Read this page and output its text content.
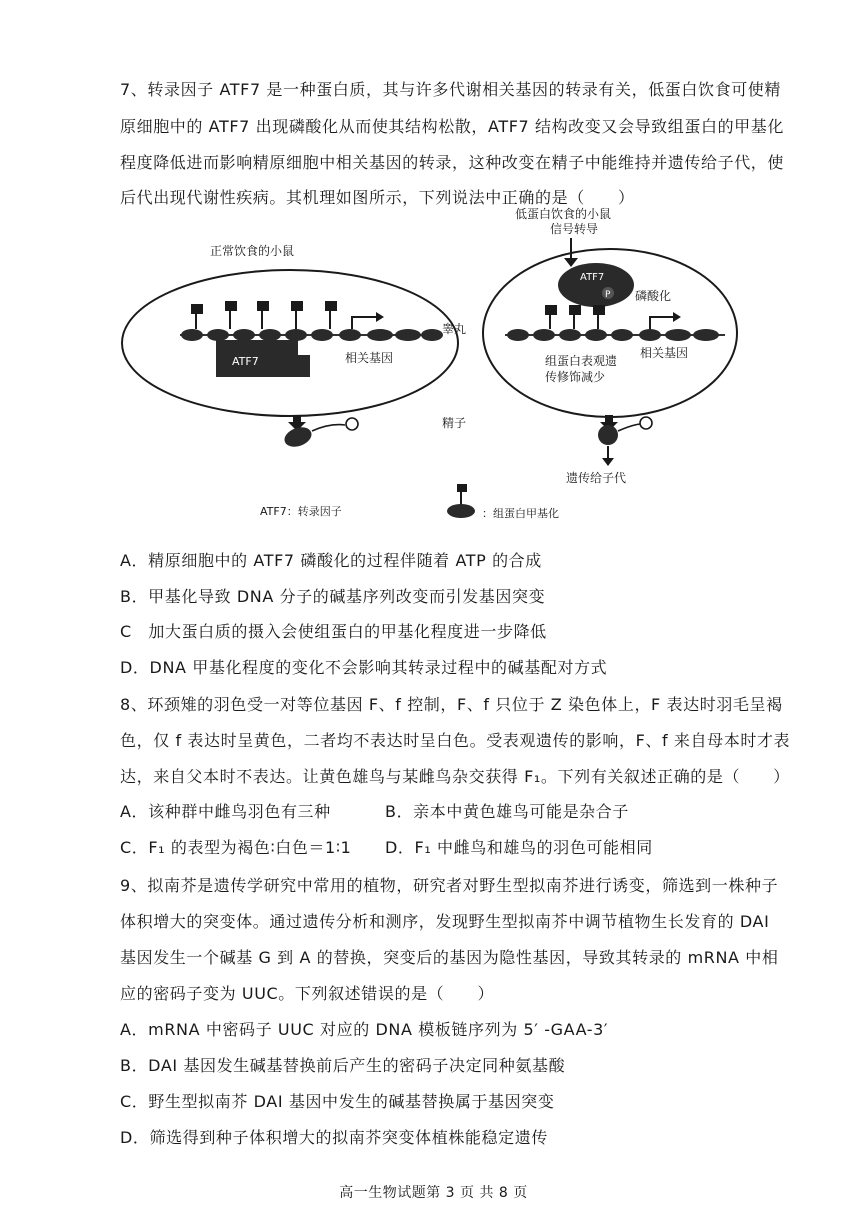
7、转录因子 ATF7 是一种蛋白质，其与许多代谢相关基因的转录有关，低蛋白饮食可使精
原细胞中的 ATF7 出现磷酸化从而使其结构松散，ATF7 结构改变又会导致组蛋白的甲基化
程度降低进而影响精原细胞中相关基因的转录，这种改变在精子中能维持并遗传给子代，使
后代出现代谢性疾病。其机理如图所示，下列说法中正确的是（　　）
正常饮食的小鼠
低蛋白饮食的小鼠
信号转导
ATF7	相关基因
睾丸
ATF7
P 磷酸化
相关基因
组蛋白表观遗
传修饰减少
精子
遗传给子代
ATF7：转录因子	：组蛋白甲基化
A．精原细胞中的 ATF7 磷酸化的过程伴随着 ATP 的合成
B．甲基化导致 DNA 分子的碱基序列改变而引发基因突变
C　加大蛋白质的摄入会使组蛋白的甲基化程度进一步降低
D．DNA 甲基化程度的变化不会影响其转录过程中的碱基配对方式
8、环颈雉的羽色受一对等位基因 F、f 控制，F、f 只位于 Z 染色体上，F 表达时羽毛呈褐
色，仅 f 表达时呈黄色，二者均不表达时呈白色。受表观遗传的影响，F、f 来自母本时才表
达，来自父本时不表达。让黄色雄鸟与某雌鸟杂交获得 F₁。下列有关叙述正确的是（　　）
A．该种群中雌鸟羽色有三种	B．亲本中黄色雄鸟可能是杂合子
C．F₁ 的表型为褐色∶白色＝1∶1 D．F₁ 中雌鸟和雄鸟的羽色可能相同
9、拟南芥是遗传学研究中常用的植物，研究者对野生型拟南芥进行诱变，筛选到一株种子
体积增大的突变体。通过遗传分析和测序，发现野生型拟南芥中调节植物生长发育的 DAI
基因发生一个碱基 G 到 A 的替换，突变后的基因为隐性基因，导致其转录的 mRNA 中相
应的密码子变为 UUC。下列叙述错误的是（　　）
A．mRNA 中密码子 UUC 对应的 DNA 模板链序列为 5′ -GAA-3′
B．DAI 基因发生碱基替换前后产生的密码子决定同种氨基酸
C．野生型拟南芥 DAI 基因中发生的碱基替换属于基因突变
D．筛选得到种子体积增大的拟南芥突变体植株能稳定遗传
高一生物试题第 3 页 共 8 页
